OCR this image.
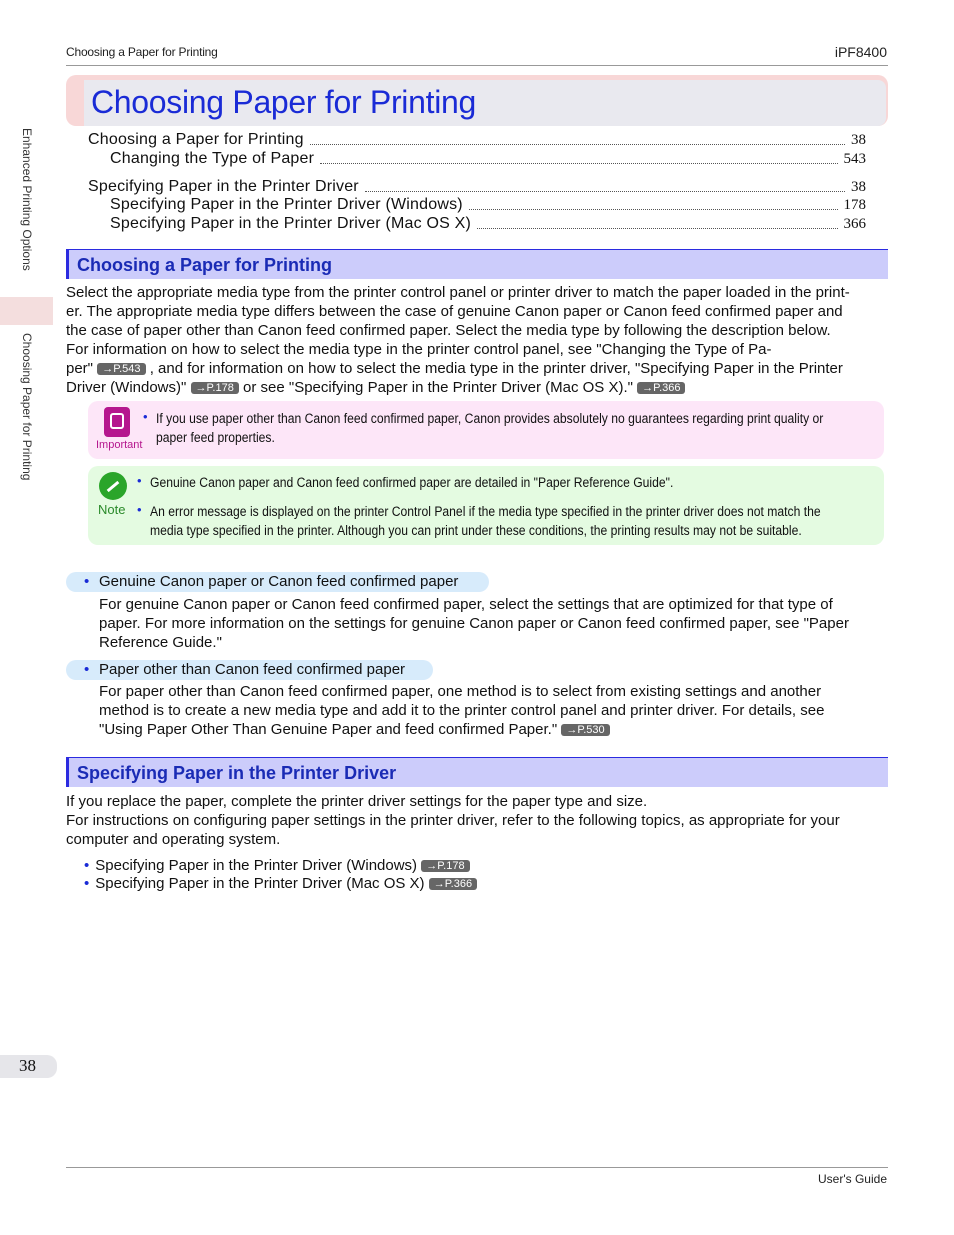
Choosing a Paper for Printing	iPF8400
Enhanced Printing Options
Choosing Paper for Printing
Choosing Paper for Printing
Choosing a Paper for Printing	38
Changing the Type of Paper	543
Specifying Paper in the Printer Driver	38
Specifying Paper in the Printer Driver (Windows)	178
Specifying Paper in the Printer Driver (Mac OS X)	366
Choosing a Paper for Printing
Select the appropriate media type from the printer control panel or printer driver to match the paper loaded in the print-
er. The appropriate media type differs between the case of genuine Canon paper or Canon feed confirmed paper and
the case of paper other than Canon feed confirmed paper. Select the media type by following the description below.
For information on how to select the media type in the printer control panel, see "Changing the Type of Pa-
per" →P.543 , and for information on how to select the media type in the printer driver, "Specifying Paper in the Printer
Driver (Windows)" →P.178 or see "Specifying Paper in the Printer Driver (Mac OS X)." →P.366
Important
• If you use paper other than Canon feed confirmed paper, Canon provides absolutely no guarantees regarding print quality or
paper feed properties.
Note
• Genuine Canon paper and Canon feed confirmed paper are detailed in "Paper Reference Guide".
• An error message is displayed on the printer Control Panel if the media type specified in the printer driver does not match the
media type specified in the printer. Although you can print under these conditions, the printing results may not be suitable.
• Genuine Canon paper or Canon feed confirmed paper
For genuine Canon paper or Canon feed confirmed paper, select the settings that are optimized for that type of
paper. For more information on the settings for genuine Canon paper or Canon feed confirmed paper, see "Paper
Reference Guide."
• Paper other than Canon feed confirmed paper
For paper other than Canon feed confirmed paper, one method is to select from existing settings and another
method is to create a new media type and add it to the printer control panel and printer driver. For details, see
"Using Paper Other Than Genuine Paper and feed confirmed Paper." →P.530
Specifying Paper in the Printer Driver
If you replace the paper, complete the printer driver settings for the paper type and size.
For instructions on configuring paper settings in the printer driver, refer to the following topics, as appropriate for your
computer and operating system.
• Specifying Paper in the Printer Driver (Windows) →P.178
• Specifying Paper in the Printer Driver (Mac OS X) →P.366
38
User's Guide
